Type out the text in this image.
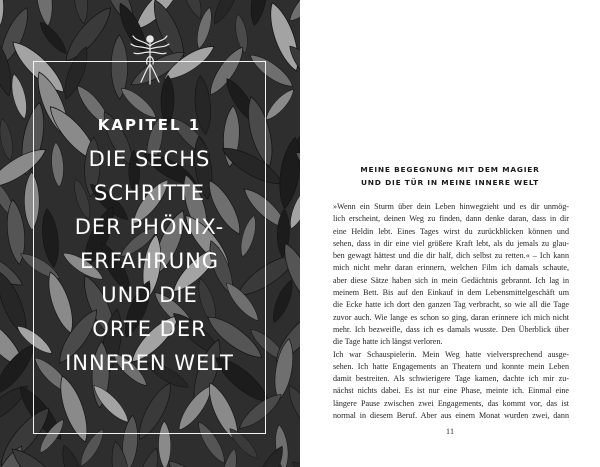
KAPITEL 1
DIE SECHS
SCHRITTE
DER PHÖNIX-
ERFAHRUNG
UND DIE
ORTE DER
INNEREN WELT
MEINE BEGEGNUNG MIT DEM MAGIER
UND DIE TÜR IN MEINE INNERE WELT
»Wenn ein Sturm über dein Leben hinwegzieht und es dir unmög-
lich erscheint, deinen Weg zu finden, dann denke daran, dass in dir
eine Heldin lebt. Eines Tages wirst du zurückblicken können und
sehen, dass in dir eine viel größere Kraft lebt, als du jemals zu glau-
ben gewagt hättest und die dir half, dich selbst zu retten.« – Ich kann
mich nicht mehr daran erinnern, welchen Film ich damals schaute,
aber diese Sätze haben sich in mein Gedächtnis gebrannt. Ich lag in
meinem Bett. Bis auf den Einkauf in dem Lebensmittelgeschäft um
die Ecke hatte ich dort den ganzen Tag verbracht, so wie all die Tage
zuvor auch. Wie lange es schon so ging, daran erinnere ich mich nicht
mehr. Ich bezweifle, dass ich es damals wusste. Den Überblick über
die Tage hatte ich längst verloren.
Ich war Schauspielerin. Mein Weg hatte vielversprechend ausge-
sehen. Ich hatte Engagements an Theatern und konnte mein Leben
damit bestreiten. Als schwierigere Tage kamen, dachte ich mir zu-
nächst nichts dabei. Es ist nur eine Phase, meinte ich. Einmal eine
längere Pause zwischen zwei Engagements, das kommt vor, das ist
normal in diesem Beruf. Aber aus einem Monat wurden zwei, dann
11
